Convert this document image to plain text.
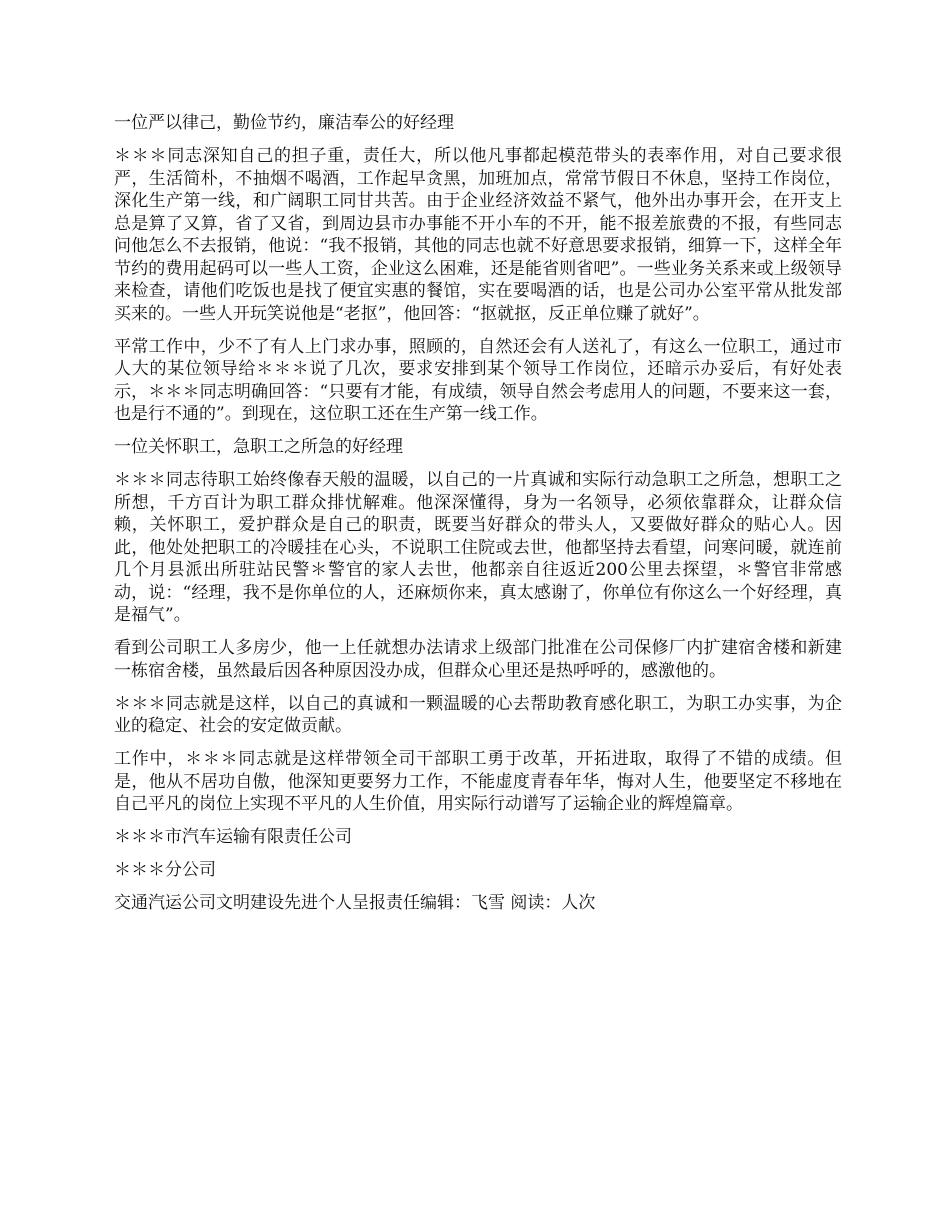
一位严以律己，勤俭节约，廉洁奉公的好经理

＊＊＊同志深知自己的担子重，责任大，所以他凡事都起模范带头的表率作用，对自己要求很严，生活简朴，不抽烟不喝酒，工作起早贪黑，加班加点，常常节假日不休息，坚持工作岗位，深化生产第一线，和广阔职工同甘共苦。由于企业经济效益不紧气，他外出办事开会，在开支上总是算了又算，省了又省，到周边县市办事能不开小车的不开，能不报差旅费的不报，有些同志问他怎么不去报销，他说：“我不报销，其他的同志也就不好意思要求报销，细算一下，这样全年节约的费用起码可以一些人工资，企业这么困难，还是能省则省吧”。一些业务关系来或上级领导来检查，请他们吃饭也是找了便宜实惠的餐馆，实在要喝酒的话，也是公司办公室平常从批发部买来的。一些人开玩笑说他是“老抠”，他回答：“抠就抠，反正单位赚了就好”。

平常工作中，少不了有人上门求办事，照顾的，自然还会有人送礼了，有这么一位职工，通过市人大的某位领导给＊＊＊说了几次，要求安排到某个领导工作岗位，还暗示办妥后，有好处表示，＊＊＊同志明确回答：“只要有才能，有成绩，领导自然会考虑用人的问题，不要来这一套，也是行不通的”。到现在，这位职工还在生产第一线工作。

一位关怀职工，急职工之所急的好经理

＊＊＊同志待职工始终像春天般的温暖，以自己的一片真诚和实际行动急职工之所急，想职工之所想，千方百计为职工群众排忧解难。他深深懂得，身为一名领导，必须依靠群众，让群众信赖，关怀职工，爱护群众是自己的职责，既要当好群众的带头人，又要做好群众的贴心人。因此，他处处把职工的冷暖挂在心头，不说职工住院或去世，他都坚持去看望，问寒问暖，就连前几个月县派出所驻站民警＊警官的家人去世，他都亲自往返近200公里去探望，＊警官非常感动，说：“经理，我不是你单位的人，还麻烦你来，真太感谢了，你单位有你这么一个好经理，真是福气”。

看到公司职工人多房少，他一上任就想办法请求上级部门批准在公司保修厂内扩建宿舍楼和新建一栋宿舍楼，虽然最后因各种原因没办成，但群众心里还是热呼呼的，感激他的。

＊＊＊同志就是这样，以自己的真诚和一颗温暖的心去帮助教育感化职工，为职工办实事，为企业的稳定、社会的安定做贡献。

工作中，＊＊＊同志就是这样带领全司干部职工勇于改革，开拓进取，取得了不错的成绩。但是，他从不居功自傲，他深知更要努力工作，不能虚度青春年华，悔对人生，他要坚定不移地在自己平凡的岗位上实现不平凡的人生价值，用实际行动谱写了运输企业的辉煌篇章。

＊＊＊市汽车运输有限责任公司

＊＊＊分公司

交通汽运公司文明建设先进个人呈报责任编辑：飞雪 阅读：人次
